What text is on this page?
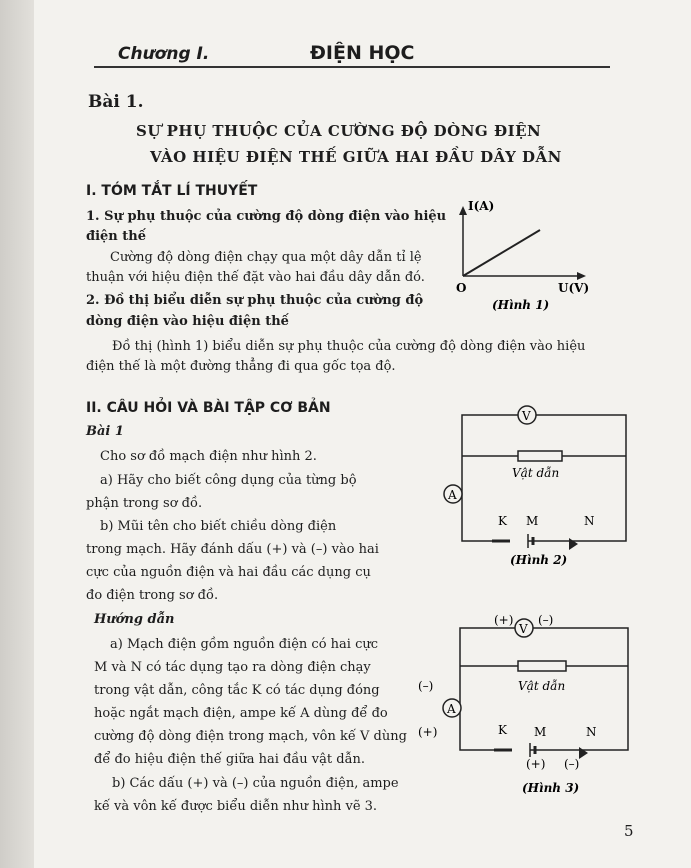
Chương I.	ĐIỆN HỌC
Bài 1.
SỰ PHỤ THUỘC CỦA CƯỜNG ĐỘ DÒNG ĐIỆN
VÀO HIỆU ĐIỆN THẾ GIỮA HAI ĐẦU DÂY DẪN
I. TÓM TẮT LÍ THUYẾT
1. Sự phụ thuộc của cường độ dòng điện vào hiệu
điện thế
Cường độ dòng điện chạy qua một dây dẫn tỉ lệ
thuận với hiệu điện thế đặt vào hai đầu dây dẫn đó.
2. Đồ thị biểu diễn sự phụ thuộc của cường độ
dòng điện vào hiệu điện thế
Đồ thị (hình 1) biểu diễn sự phụ thuộc của cường độ dòng điện vào hiệu
điện thế là một đường thẳng đi qua gốc tọa độ.
I(A)
O	U(V)
(Hình 1)
II. CÂU HỎI VÀ BÀI TẬP CƠ BẢN
Bài 1
Cho sơ đồ mạch điện như hình 2.
a) Hãy cho biết công dụng của từng bộ
phận trong sơ đồ.
b) Mũi tên cho biết chiều dòng điện
trong mạch. Hãy đánh dấu (+) và (–) vào hai
cực của nguồn điện và hai đầu các dụng cụ
đo điện trong sơ đồ.
Hướng dẫn
a) Mạch điện gồm nguồn điện có hai cực
M và N có tác dụng tạo ra dòng điện chạy
trong vật dẫn, công tắc K có tác dụng đóng
hoặc ngắt mạch điện, ampe kế A dùng để đo
cường độ dòng điện trong mạch, vôn kế V dùng
để đo hiệu điện thế giữa hai đầu vật dẫn.
b) Các dấu (+) và (–) của nguồn điện, ampe
kế và vôn kế được biểu diễn như hình vẽ 3.
V
A
Vật dẫn
K M	N
(Hình 2)
V
(+) (–)
A
(–)
(+)
Vật dẫn
K M	N
(+) (–)
(Hình 3)
5
